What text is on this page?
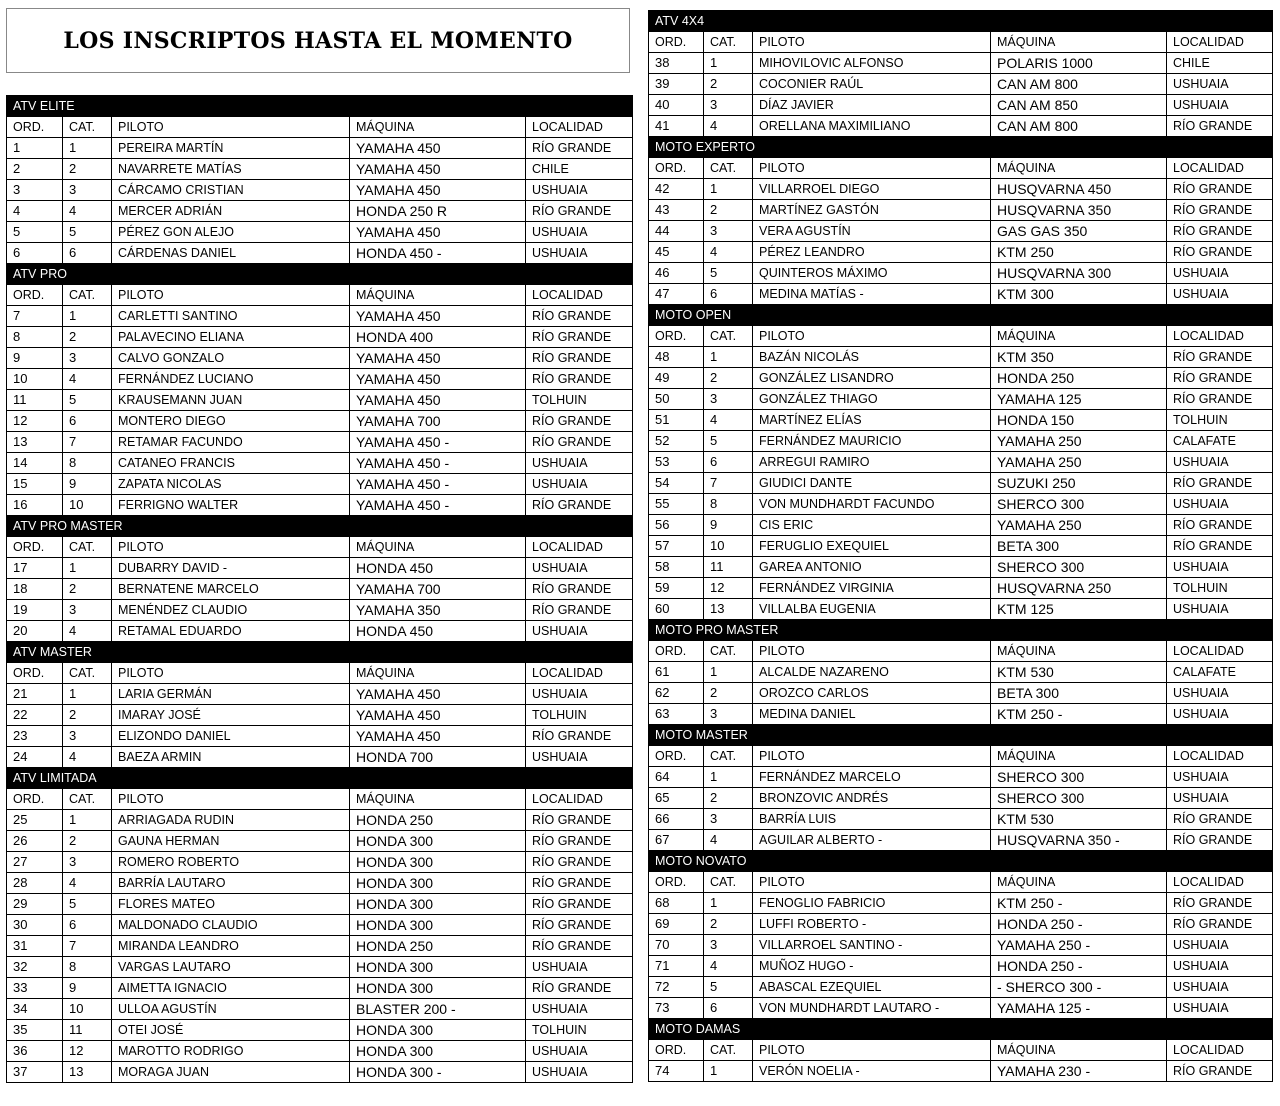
LOS INSCRIPTOS HASTA EL MOMENTO
ATV ELITE				
ORD.	CAT.	PILOTO	MÁQUINA	LOCALIDAD
1	1	PEREIRA MARTÍN	YAMAHA 450	RÍO GRANDE
2	2	NAVARRETE MATÍAS	YAMAHA 450	CHILE
3	3	CÁRCAMO CRISTIAN	YAMAHA 450	USHUAIA
4	4	MERCER ADRIÁN	HONDA 250 R	RÍO GRANDE
5	5	PÉREZ GON ALEJO	YAMAHA 450	USHUAIA
6	6	CÁRDENAS DANIEL	HONDA 450 -	USHUAIA
ATV PRO				
ORD.	CAT.	PILOTO	MÁQUINA	LOCALIDAD
7	1	CARLETTI SANTINO	YAMAHA 450	RÍO GRANDE
8	2	PALAVECINO ELIANA	HONDA 400	RÍO GRANDE
9	3	CALVO GONZALO	YAMAHA 450	RÍO GRANDE
10	4	FERNÁNDEZ LUCIANO	YAMAHA 450	RÍO GRANDE
11	5	KRAUSEMANN JUAN	YAMAHA 450	TOLHUIN
12	6	MONTERO DIEGO	YAMAHA 700	RÍO GRANDE
13	7	RETAMAR FACUNDO	YAMAHA 450 -	RÍO GRANDE
14	8	CATANEO FRANCIS	YAMAHA 450 -	USHUAIA
15	9	ZAPATA NICOLAS	YAMAHA 450 -	USHUAIA
16	10	FERRIGNO WALTER	YAMAHA 450 -	RÍO GRANDE
ATV PRO MASTER				
ORD.	CAT.	PILOTO	MÁQUINA	LOCALIDAD
17	1	DUBARRY DAVID -	HONDA 450	USHUAIA
18	2	BERNATENE MARCELO	YAMAHA 700	RÍO GRANDE
19	3	MENÉNDEZ CLAUDIO	YAMAHA 350	RÍO GRANDE
20	4	RETAMAL EDUARDO	HONDA 450	USHUAIA
ATV MASTER				
ORD.	CAT.	PILOTO	MÁQUINA	LOCALIDAD
21	1	LARIA GERMÁN	YAMAHA 450	USHUAIA
22	2	IMARAY JOSÉ	YAMAHA 450	TOLHUIN
23	3	ELIZONDO DANIEL	YAMAHA 450	RÍO GRANDE
24	4	BAEZA ARMIN	HONDA 700	USHUAIA
ATV LIMITADA				
ORD.	CAT.	PILOTO	MÁQUINA	LOCALIDAD
25	1	ARRIAGADA RUDIN	HONDA 250	RÍO GRANDE
26	2	GAUNA HERMAN	HONDA 300	RÍO GRANDE
27	3	ROMERO ROBERTO	HONDA 300	RÍO GRANDE
28	4	BARRÍA LAUTARO	HONDA 300	RÍO GRANDE
29	5	FLORES MATEO	HONDA 300	RÍO GRANDE
30	6	MALDONADO CLAUDIO	HONDA 300	RÍO GRANDE
31	7	MIRANDA LEANDRO	HONDA 250	RÍO GRANDE
32	8	VARGAS LAUTARO	HONDA 300	USHUAIA
33	9	AIMETTA IGNACIO	HONDA 300	RÍO GRANDE
34	10	ULLOA AGUSTÍN	BLASTER 200 -	USHUAIA
35	11	OTEI JOSÉ	HONDA 300	TOLHUIN
36	12	MAROTTO RODRIGO	HONDA 300	USHUAIA
37	13	MORAGA JUAN	HONDA 300 -	USHUAIA
ATV 4X4				
ORD.	CAT.	PILOTO	MÁQUINA	LOCALIDAD
38	1	MIHOVILOVIC ALFONSO	POLARIS 1000	CHILE
39	2	COCONIER RAÚL	CAN AM 800	USHUAIA
40	3	DÍAZ JAVIER	CAN AM 850	USHUAIA
41	4	ORELLANA MAXIMILIANO	CAN AM 800	RÍO GRANDE
MOTO EXPERTO				
ORD.	CAT.	PILOTO	MÁQUINA	LOCALIDAD
42	1	VILLARROEL DIEGO	HUSQVARNA 450	RÍO GRANDE
43	2	MARTÍNEZ GASTÓN	HUSQVARNA 350	RÍO GRANDE
44	3	VERA AGUSTÍN	GAS GAS 350	RÍO GRANDE
45	4	PÉREZ LEANDRO	KTM 250	RÍO GRANDE
46	5	QUINTEROS MÁXIMO	HUSQVARNA 300	USHUAIA
47	6	MEDINA MATÍAS -	KTM 300	USHUAIA
MOTO OPEN				
ORD.	CAT.	PILOTO	MÁQUINA	LOCALIDAD
48	1	BAZÁN NICOLÁS	KTM 350	RÍO GRANDE
49	2	GONZÁLEZ LISANDRO	HONDA 250	RÍO GRANDE
50	3	GONZÁLEZ THIAGO	YAMAHA 125	RÍO GRANDE
51	4	MARTÍNEZ ELÍAS	HONDA 150	TOLHUIN
52	5	FERNÁNDEZ MAURICIO	YAMAHA 250	CALAFATE
53	6	ARREGUI RAMIRO	YAMAHA 250	USHUAIA
54	7	GIUDICI DANTE	SUZUKI 250	RÍO GRANDE
55	8	VON MUNDHARDT FACUNDO	SHERCO 300	USHUAIA
56	9	CIS ERIC	YAMAHA 250	RÍO GRANDE
57	10	FERUGLIO EXEQUIEL	BETA 300	RÍO GRANDE
58	11	GAREA ANTONIO	SHERCO 300	USHUAIA
59	12	FERNÁNDEZ VIRGINIA	HUSQVARNA 250	TOLHUIN
60	13	VILLALBA EUGENIA	KTM 125	USHUAIA
MOTO PRO MASTER				
ORD.	CAT.	PILOTO	MÁQUINA	LOCALIDAD
61	1	ALCALDE NAZARENO	KTM 530	CALAFATE
62	2	OROZCO CARLOS	BETA 300	USHUAIA
63	3	MEDINA DANIEL	KTM 250 -	USHUAIA
MOTO MASTER				
ORD.	CAT.	PILOTO	MÁQUINA	LOCALIDAD
64	1	FERNÁNDEZ MARCELO	SHERCO 300	USHUAIA
65	2	BRONZOVIC ANDRÉS	SHERCO 300	USHUAIA
66	3	BARRÍA LUIS	KTM 530	RÍO GRANDE
67	4	AGUILAR ALBERTO -	HUSQVARNA 350 -	RÍO GRANDE
MOTO NOVATO				
ORD.	CAT.	PILOTO	MÁQUINA	LOCALIDAD
68	1	FENOGLIO FABRICIO	KTM 250 -	RÍO GRANDE
69	2	LUFFI ROBERTO -	HONDA 250 -	RÍO GRANDE
70	3	VILLARROEL SANTINO -	YAMAHA 250 -	USHUAIA
71	4	MUÑOZ HUGO -	HONDA 250 -	USHUAIA
72	5	ABASCAL EZEQUIEL	- SHERCO 300 -	USHUAIA
73	6	VON MUNDHARDT LAUTARO -	YAMAHA 125 -	USHUAIA
MOTO DAMAS				
ORD.	CAT.	PILOTO	MÁQUINA	LOCALIDAD
74	1	VERÓN NOELIA -	YAMAHA 230 -	RÍO GRANDE
